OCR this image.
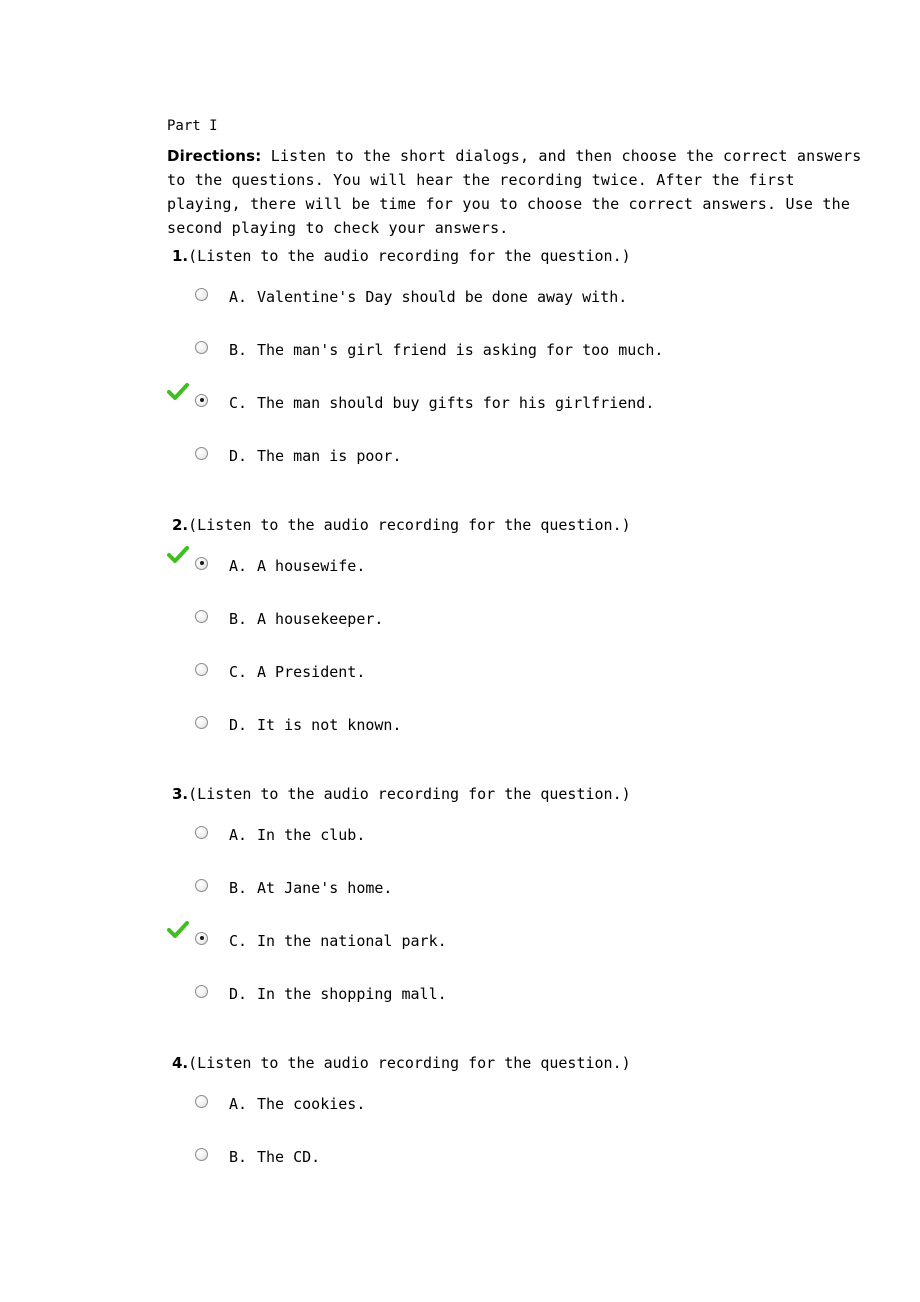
Part I
Directions: Listen to the short dialogs, and then choose the correct answers to the questions. You will hear the recording twice. After the first playing, there will be time for you to choose the correct answers. Use the second playing to check your answers.
1.(Listen to the audio recording for the question.)
A. Valentine's Day should be done away with.
B. The man's girl friend is asking for too much.
C. The man should buy gifts for his girlfriend.
D. The man is poor.
2.(Listen to the audio recording for the question.)
A. A housewife.
B. A housekeeper.
C. A President.
D. It is not known.
3.(Listen to the audio recording for the question.)
A. In the club.
B. At Jane's home.
C. In the national park.
D. In the shopping mall.
4.(Listen to the audio recording for the question.)
A. The cookies.
B. The CD.
